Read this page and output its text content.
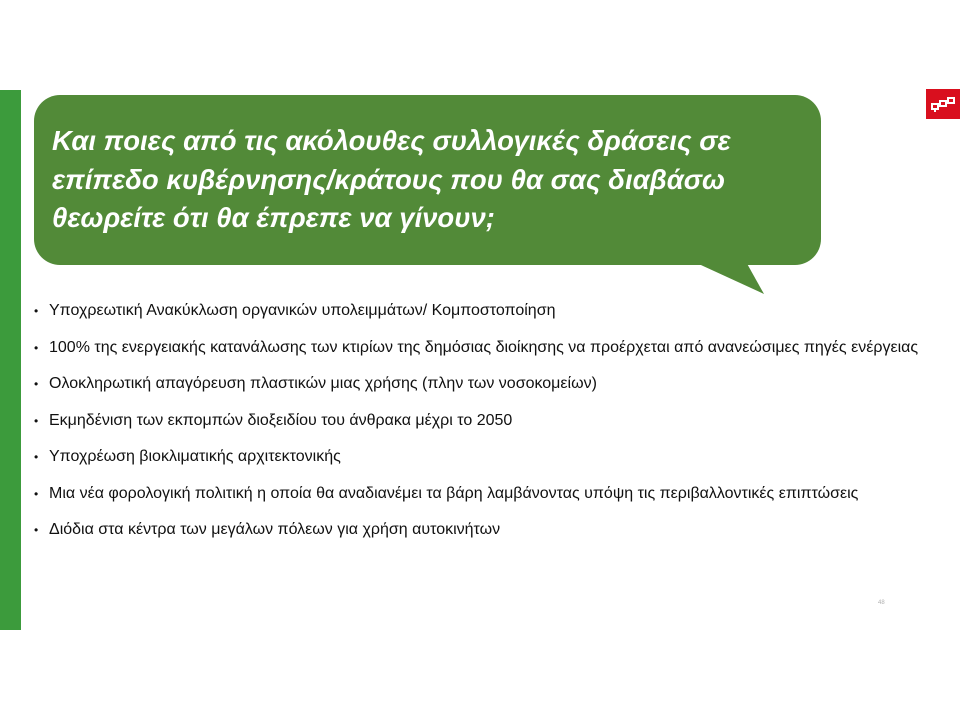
Και ποιες από τις ακόλουθες συλλογικές δράσεις σε επίπεδο κυβέρνησης/κράτους που θα σας διαβάσω θεωρείτε ότι θα έπρεπε να γίνουν;

• Υποχρεωτική Ανακύκλωση οργανικών υπολειμμάτων/ Κομποστοποίηση
• 100% της ενεργειακής κατανάλωσης των κτιρίων της δημόσιας διοίκησης να προέρχεται από ανανεώσιμες πηγές ενέργειας
• Ολοκληρωτική απαγόρευση πλαστικών μιας χρήσης (πλην των νοσοκομείων)
• Εκμηδένιση των εκπομπών διοξειδίου του άνθρακα μέχρι το 2050
• Υποχρέωση βιοκλιματικής αρχιτεκτονικής
• Μια νέα φορολογική πολιτική η οποία θα αναδιανέμει τα βάρη λαμβάνοντας υπόψη τις περιβαλλοντικές επιπτώσεις
• Διόδια στα κέντρα των μεγάλων πόλεων για χρήση αυτοκινήτων
48
